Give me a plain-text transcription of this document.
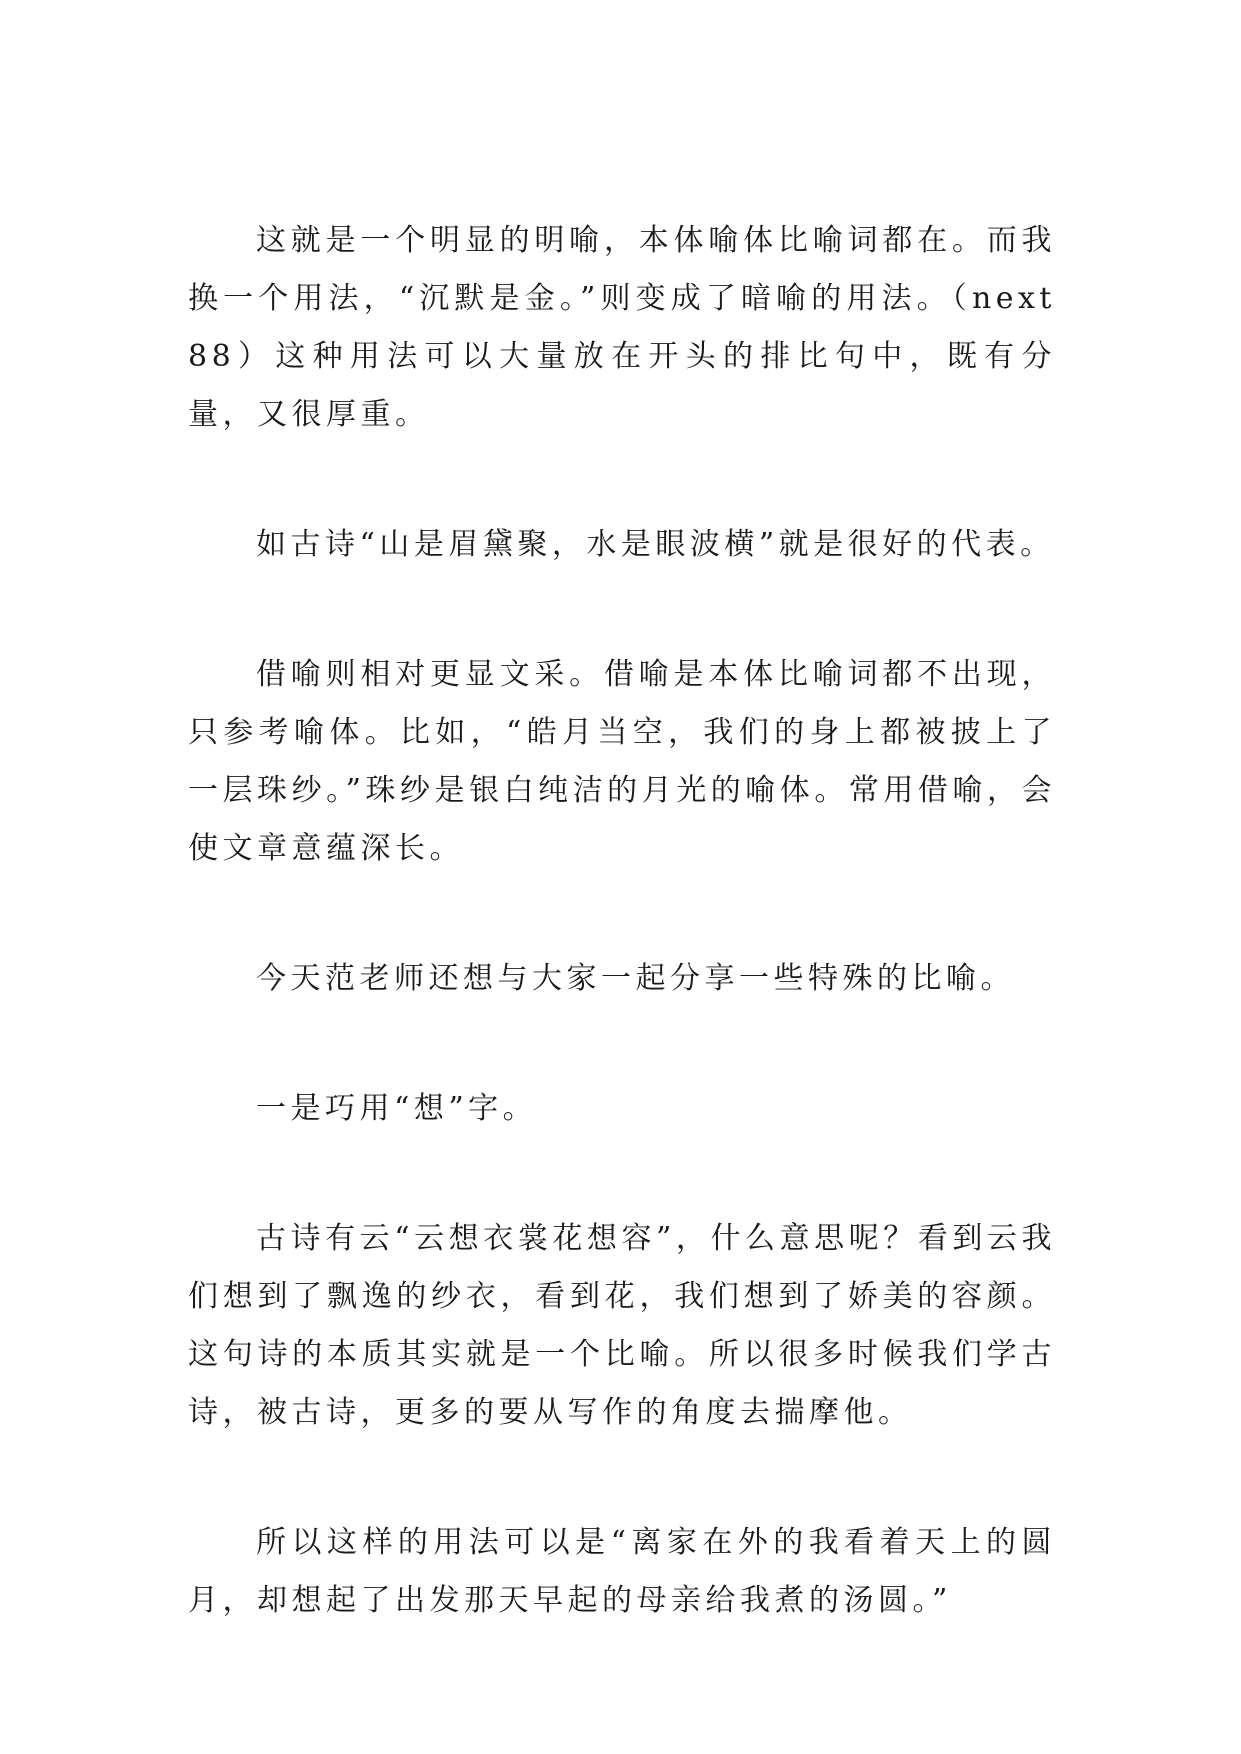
这就是一个明显的明喻，本体喻体比喻词都在。而我换一个用法，“沉默是金。”则变成了暗喻的用法。（next88）这种用法可以大量放在开头的排比句中，既有分量，又很厚重。

如古诗“山是眉黛聚，水是眼波横”就是很好的代表。

借喻则相对更显文采。借喻是本体比喻词都不出现，只参考喻体。比如，“皓月当空，我们的身上都被披上了一层珠纱。”珠纱是银白纯洁的月光的喻体。常用借喻，会使文章意蕴深长。

今天范老师还想与大家一起分享一些特殊的比喻。

一是巧用“想”字。

古诗有云“云想衣裳花想容”，什么意思呢？看到云我们想到了飘逸的纱衣，看到花，我们想到了娇美的容颜。这句诗的本质其实就是一个比喻。所以很多时候我们学古诗，被古诗，更多的要从写作的角度去揣摩他。

所以这样的用法可以是“离家在外的我看着天上的圆月，却想起了出发那天早起的母亲给我煮的汤圆。”
